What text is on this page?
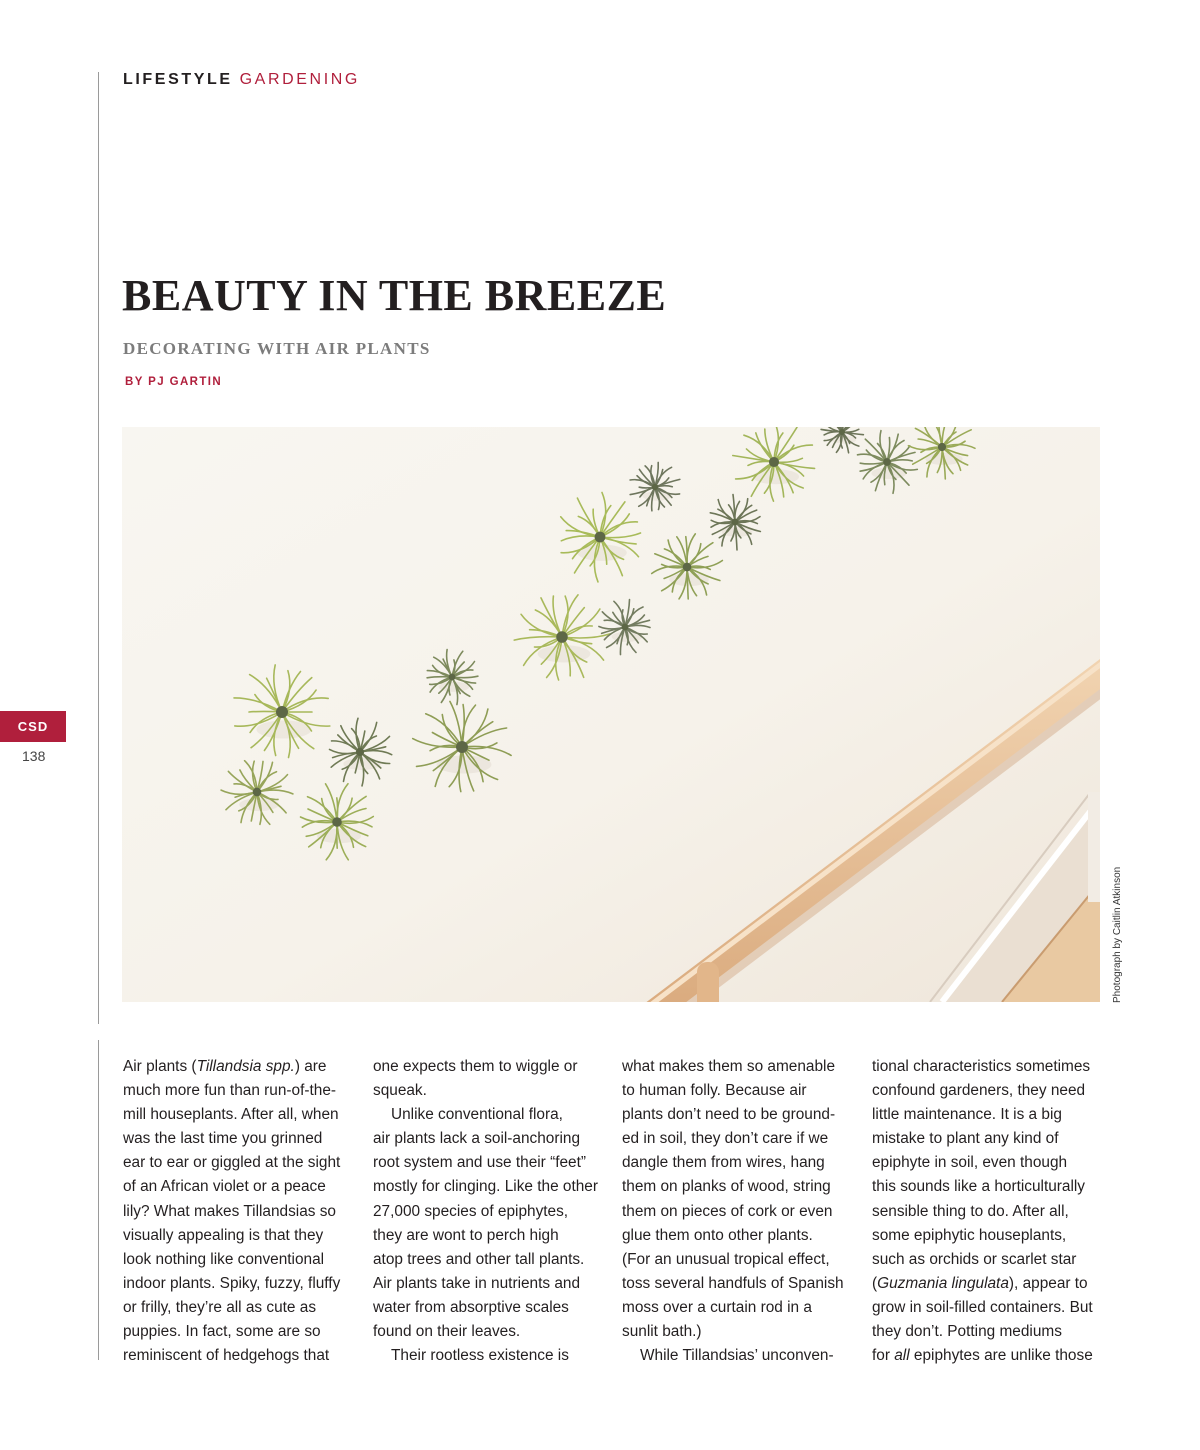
LIFESTYLE GARDENING
BEAUTY IN THE BREEZE
DECORATING WITH AIR PLANTS
BY PJ GARTIN
Photograph by Caitlin Atkinson
CSD
138
Air plants (Tillandsia spp.) are
much more fun than run-of-the-
mill houseplants. After all, when
was the last time you grinned
ear to ear or giggled at the sight
of an African violet or a peace
lily? What makes Tillandsias so
visually appealing is that they
look nothing like conventional
indoor plants. Spiky, fuzzy, fluffy
or frilly, they’re all as cute as
puppies. In fact, some are so
reminiscent of hedgehogs that
one expects them to wiggle or
squeak.
Unlike conventional flora,
air plants lack a soil-anchoring
root system and use their “feet”
mostly for clinging. Like the other
27,000 species of epiphytes,
they are wont to perch high
atop trees and other tall plants.
Air plants take in nutrients and
water from absorptive scales
found on their leaves.
Their rootless existence is
what makes them so amenable
to human folly. Because air
plants don’t need to be ground-
ed in soil, they don’t care if we
dangle them from wires, hang
them on planks of wood, string
them on pieces of cork or even
glue them onto other plants.
(For an unusual tropical effect,
toss several handfuls of Spanish
moss over a curtain rod in a
sunlit bath.)
While Tillandsias’ unconven-
tional characteristics sometimes
confound gardeners, they need
little maintenance. It is a big
mistake to plant any kind of
epiphyte in soil, even though
this sounds like a horticulturally
sensible thing to do. After all,
some epiphytic houseplants,
such as orchids or scarlet star
(Guzmania lingulata), appear to
grow in soil-filled containers. But
they don’t. Potting mediums
for all epiphytes are unlike those
